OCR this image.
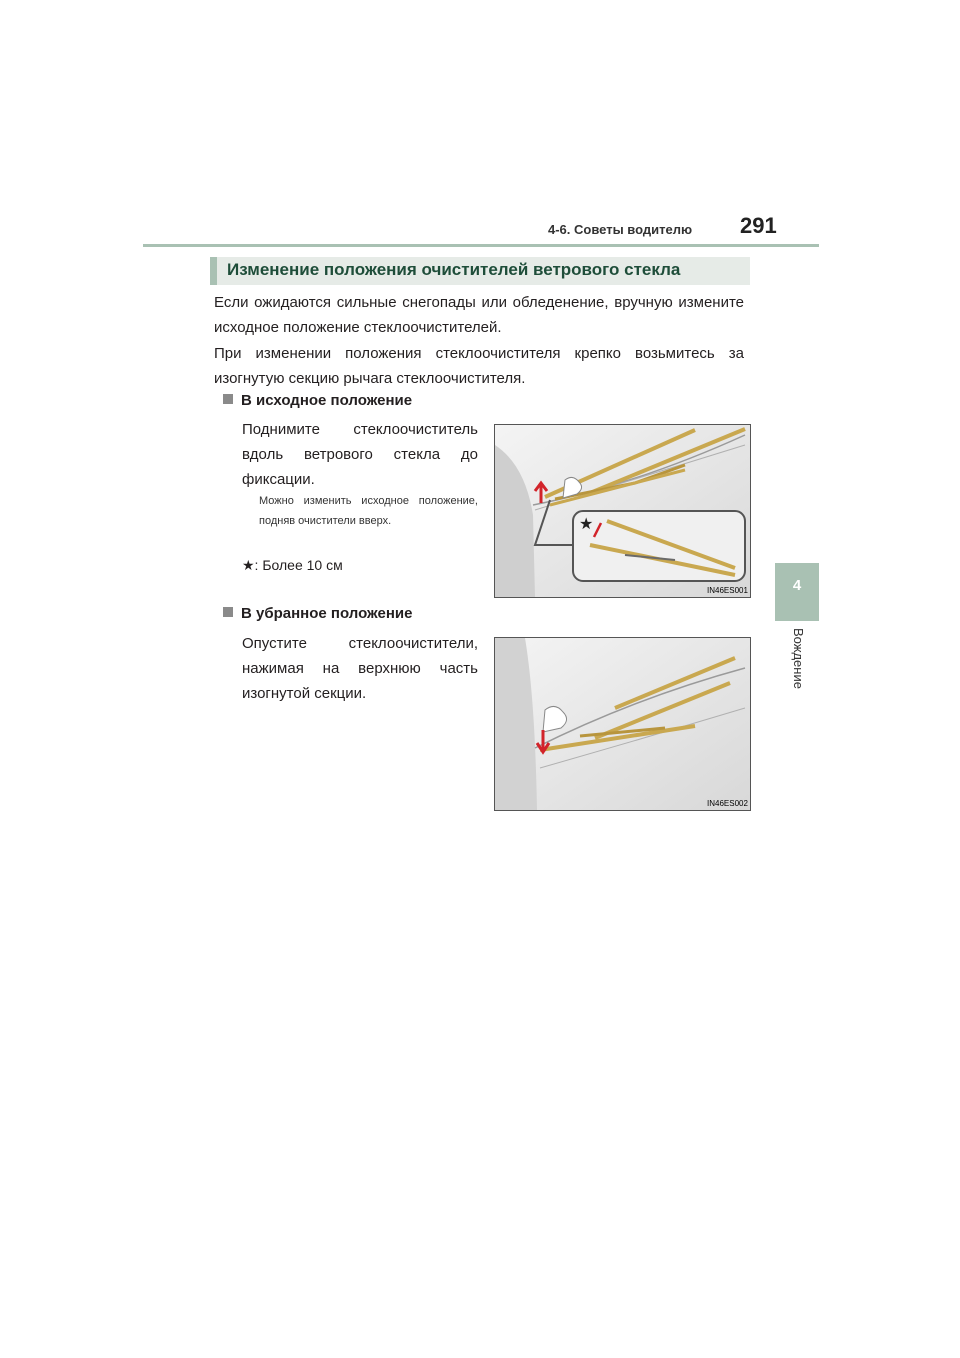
4-6. Советы водителю 291
4
Вождение
Изменение положения очистителей ветрового стекла
Если ожидаются сильные снегопады или обледенение, вручную измените исходное положение стеклоочистителей.
При изменении положения стеклоочистителя крепко возьмитесь за изогнутую секцию рычага стеклоочистителя.
В исходное положение
Поднимите стеклоочиститель вдоль ветрового стекла до фиксации.
Можно изменить исходное положение, подняв очистители вверх.
★: Более 10 см
★
IN46ES001
В убранное положение
Опустите стеклоочистители, нажимая на верхнюю часть изогнутой секции.
IN46ES002
